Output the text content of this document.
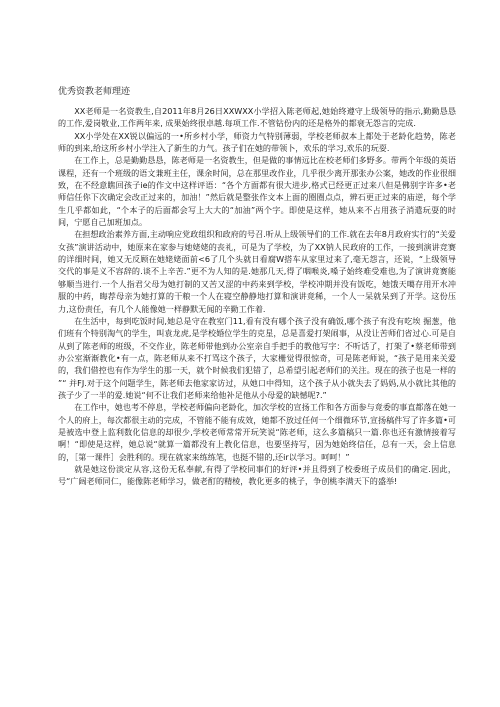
优秀资教老师理迹

XX老师是一名资教生,自2011年8月26日XXWXX小学招入陈老师起,她始终遵守上级领导的指示,勤勤恳恳的工作,爱岗敬业,工作两年来, 成果始终很卓越.每项工作.不管钻份内的还是格外的都衰无怨言的完成.

XX小学处在XX锐以偏远的一•所乡村小学，师资力气特别薄弱，学校老师叔本上都处于老龄化趋势，陈老师的到来,给这所乡村小学注入了新生的力气。孩子们在她的带领卜，欢乐的学习,欢乐的玩耍.

在工作上，总是勤勤恳恳，陈老师是一名资教生，但是做的事情远比在校老师们多野多。带两个年级的英语课程，还有一个班级的语文兼班主任，课余时间，总在那里改作业，几乎很少离开那张办公案，她改的作业很细致，在不经意瞧回孩子ie的作文中这样评语：“各个方面都有很大进步,格式已经更正过来八但是佛别字许多•老师信任你下次确定会改正过来的，加油！”然后就是整张作文本上面的圈圈点点，辨石更正过来的庙逆，每个学生几乎都如此，“个本子的后面都会写上大大的“加油”两个字。即使是这样，她从来不占用孩子消遣玩耍的时间，宁愿自己加班加点。

在担想政治素养方面,主动响应党政组织和政府的号召.听从上级领导们的工作.就在去年8月政府实行的“关爱女孩”演讲活动中，她原来在家参与她姥姥的丧礼，可是为了学校，为了XX钠人民政府的工作，一接到演讲竞赛的详细时间，她又无反顾在她姥姥面前<6了几个头就日看腐W搭车从家里过来了,毫无怨言，还说，“上级领导交代的事是义不容辞的.谈不上辛苦.”更不为人知的是.她那几天,得了咽喉炎,嗓子始终难受难也,为了演讲竟赛能够顺当进行.一个人指君父母为她打制的又苦又涩的中药来到学校，学校冲期并没有饭吃，她饿天噶存用开水冲服的中药，晦荐母亲为她打算的干粮一个人在寝空静静地打算和演讲竟稀，一个人一呆就呆到了开学。这份压力,这份责任，有几个人能像她一样静默无闻的辛勤工作着.

在生活中，每到吃饭时间,她总是守在教室门11,看有没有哪个孩子没有确饭,哪个孩子有没有吃埃 掘葱，他们班有个特别淘气的学生，叫袁龙虎,是学校婚位学生的克星，总是喜爱打架闹事，从没让苦师们省过心.可是自从到了陈老师的班级，不交作业，陈老师带他到办公室亲自手把手的教他写字：不听话了，打架了•蔡老师带到办公室渐渐教化•有一点，陈老师从来不打骂这个孩子，大家栅觉得很惊奇，可是陈老师说，“孩子是用来关爱的，我们借控也有作为学生的那一天，就个时候我们犯错了，总希望引起老师们的关注。现在的孩子也是一样的 ”“ 并FJ.对于这个问题学生，陈老师去他家家访过，从她口中得知，这个孩子从小就失去了妈妈,从小就比其他的孩子少了一半的爱.她说“何不让我们老师来给他补足他从小母爱的缺憾呢?.”

在工作中，她也考不停息，学校老师偏向老龄化，加次学校的宣扬工作和各方面参与竟委的事直都落在她一个人的府上，每次都很主动的完成，不管能不能有成效，她都不放过任何一个细微环节,宣扬稿件写了许多篇•可是被选中登上监利数化信息的却很少,学校老师常常开玩笑说“陈老师，这么多篇稿只一篇.你也还有激情接着写啊！“即使是这样，她总说“就算一篇都没有上教化信息，也要坚持写，因为她始终信任，总有一天，会上信息的，［第一课件］会胜利的。现在就家来练练笔，也挺不错的,还ir以学习。呵呵！”

就是她这份淡定从容,这份无私奉献,有得了学校同事们的好评•并且得到了校委班子成员们的确定.因此，号“广阔老师同仁，能像陈老师学习，做老酊的精棱，教化更多的桃子，争创桃李满天下的盛举!
